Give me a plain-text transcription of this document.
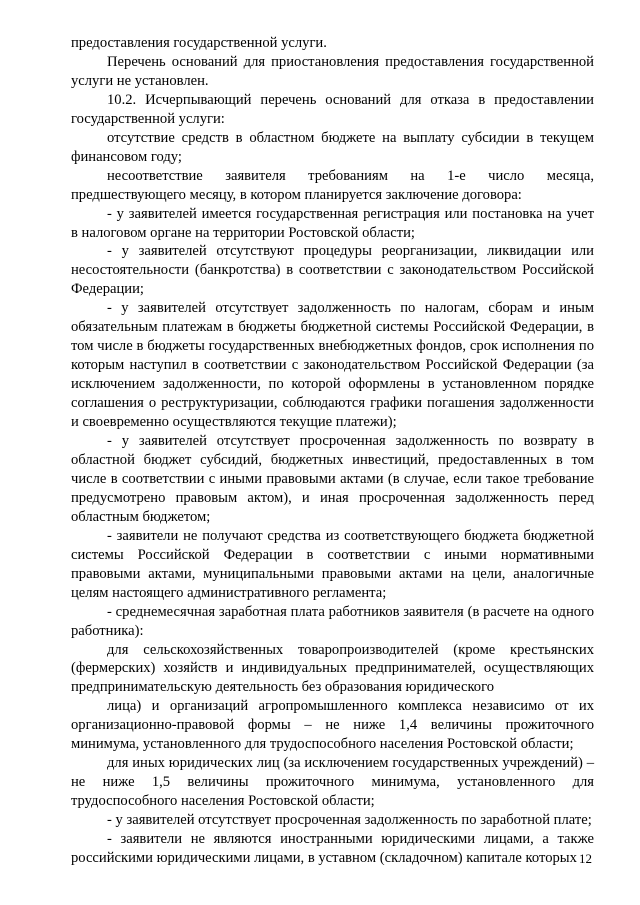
предоставления государственной услуги.

Перечень оснований для приостановления предоставления государственной услуги не установлен.

10.2. Исчерпывающий перечень оснований для отказа в предоставлении государственной услуги:

отсутствие средств в областном бюджете на выплату субсидии в текущем финансовом году;

несоответствие заявителя требованиям на 1-е число месяца, предшествующего месяцу, в котором планируется заключение договора:

- у заявителей имеется государственная регистрация или постановка на учет в налоговом органе на территории Ростовской области;

- у заявителей отсутствуют процедуры реорганизации, ликвидации или несостоятельности (банкротства) в соответствии с законодательством Российской Федерации;

- у заявителей отсутствует задолженность по налогам, сборам и иным обязательным платежам в бюджеты бюджетной системы Российской Федерации, в том числе в бюджеты государственных внебюджетных фондов, срок исполнения по которым наступил в соответствии с законодательством Российской Федерации (за исключением задолженности, по которой оформлены в установленном порядке соглашения о реструктуризации, соблюдаются графики погашения задолженности и своевременно осуществляются текущие платежи);

- у заявителей отсутствует просроченная задолженность по возврату в областной бюджет субсидий, бюджетных инвестиций, предоставленных в том числе в соответствии с иными правовыми актами (в случае, если такое требование предусмотрено правовым актом), и иная просроченная задолженность перед областным бюджетом;

- заявители не получают средства из соответствующего бюджета бюджетной системы Российской Федерации в соответствии с иными нормативными правовыми актами, муниципальными правовыми актами на цели, аналогичные целям настоящего административного регламента;

- среднемесячная заработная плата работников заявителя (в расчете на одного работника):

для сельскохозяйственных товаропроизводителей (кроме крестьянских (фермерских) хозяйств и индивидуальных предпринимателей, осуществляющих предпринимательскую деятельность без образования юридического

лица) и организаций агропромышленного комплекса независимо от их организационно-правовой формы – не ниже 1,4 величины прожиточного минимума, установленного для трудоспособного населения Ростовской области;

для иных юридических лиц (за исключением государственных учреждений) – не ниже 1,5 величины прожиточного минимума, установленного для трудоспособного населения Ростовской области;

- у заявителей отсутствует просроченная задолженность по заработной плате;

- заявители не являются иностранными юридическими лицами, а также российскими юридическими лицами, в уставном (складочном) капитале которых 12
